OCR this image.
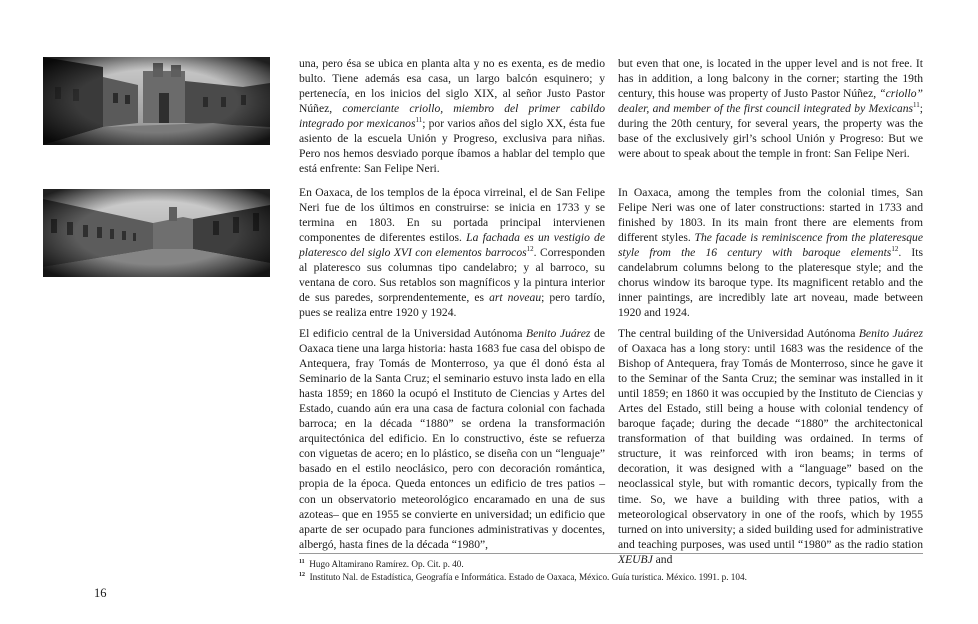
una, pero ésa se ubica en planta alta y no es exenta, es de medio bulto. Tiene además esa casa, un largo balcón esquinero; y pertenecía, en los inicios del siglo XIX, al señor Justo Pastor Núñez, comerciante criollo, miembro del primer cabildo integrado por mexicanos$^{11}$; por varios años del siglo XX, ésta fue asiento de la escuela Unión y Progreso, exclusiva para niñas. Pero nos hemos desviado porque íbamos a hablar del templo que está enfrente: San Felipe Neri.

En Oaxaca, de los templos de la época virreinal, el de San Felipe Neri fue de los últimos en construirse: se inicia en 1733 y se termina en 1803. En su portada principal intervienen componentes de diferentes estilos. La fachada es un vestigio de plateresco del siglo XVI con elementos barrocos$^{12}$. Corresponden al plateresco sus columnas tipo candelabro; y al barroco, su ventana de coro. Sus retablos son magníficos y la pintura interior de sus paredes, sorprendentemente, es art noveau; pero tardío, pues se realiza entre 1920 y 1924.

El edificio central de la Universidad Autónoma Benito Juárez de Oaxaca tiene una larga historia: hasta 1683 fue casa del obispo de Antequera, fray Tomás de Monterroso, ya que él donó ésta al Seminario de la Santa Cruz; el seminario estuvo insta lado en ella hasta 1859; en 1860 la ocupó el Instituto de Ciencias y Artes del Estado, cuando aún era una casa de factura colonial con fachada barroca; en la década “1880” se ordena la transformación arquitectónica del edificio. En lo constructivo, éste se refuerza con viguetas de acero; en lo plástico, se diseña con un “lenguaje” basado en el estilo neoclásico, pero con decoración romántica, propia de la época. Queda entonces un edificio de tres patios –con un observatorio meteorológico encaramado en una de sus azoteas– que en 1955 se convierte en universidad; un edificio que aparte de ser ocupado para funciones administrativas y docentes, albergó, hasta fines de la década “1980”,

but even that one, is located in the upper level and is not free. It has in addition, a long balcony in the corner; starting the 19th century, this house was property of Justo Pastor Núñez, “criollo” dealer, and member of the first council integrated by Mexicans$^{11}$; during the 20th century, for several years, the property was the base of the exclusively girl’s school Unión y Progreso: But we were about to speak about the temple in front: San Felipe Neri.

In Oaxaca, among the temples from the colonial times, San Felipe Neri was one of later constructions: started in 1733 and finished by 1803. In its main front there are elements from different styles. The facade is reminiscence from the plateresque style from the 16 century with baroque elements$^{12}$. Its candelabrum columns belong to the plateresque style; and the chorus window its baroque type. Its magnificent retablo and the inner paintings, are incredibly late art noveau, made between 1920 and 1924.

The central building of the Universidad Autónoma Benito Juárez of Oaxaca has a long story: until 1683 was the residence of the Bishop of Antequera, fray Tomás de Monterroso, since he gave it to the Seminar of the Santa Cruz; the seminar was installed in it until 1859; en 1860 it was occupied by the Instituto de Ciencias y Artes del Estado, still being a house with colonial tendency of baroque façade; during the decade “1880” the architectonical transformation of that building was ordained. In terms of structure, it was reinforced with iron beams; in terms of decoration, it was designed with a “language” based on the neoclassical style, but with romantic decors, typically from the time. So, we have a building with three patios, with a meteorological observatory in one of the roofs, which by 1955 turned on into university; a sided building used for administrative and teaching purposes, was used until “1980” as the radio station XEUBJ and

$^{11}$ Hugo Altamirano Ramírez. Op. Cit. p. 40.
$^{12}$ Instituto Nal. de Estadística, Geografía e Informática. Estado de Oaxaca, México. Guía turística. México. 1991. p. 104.
16
